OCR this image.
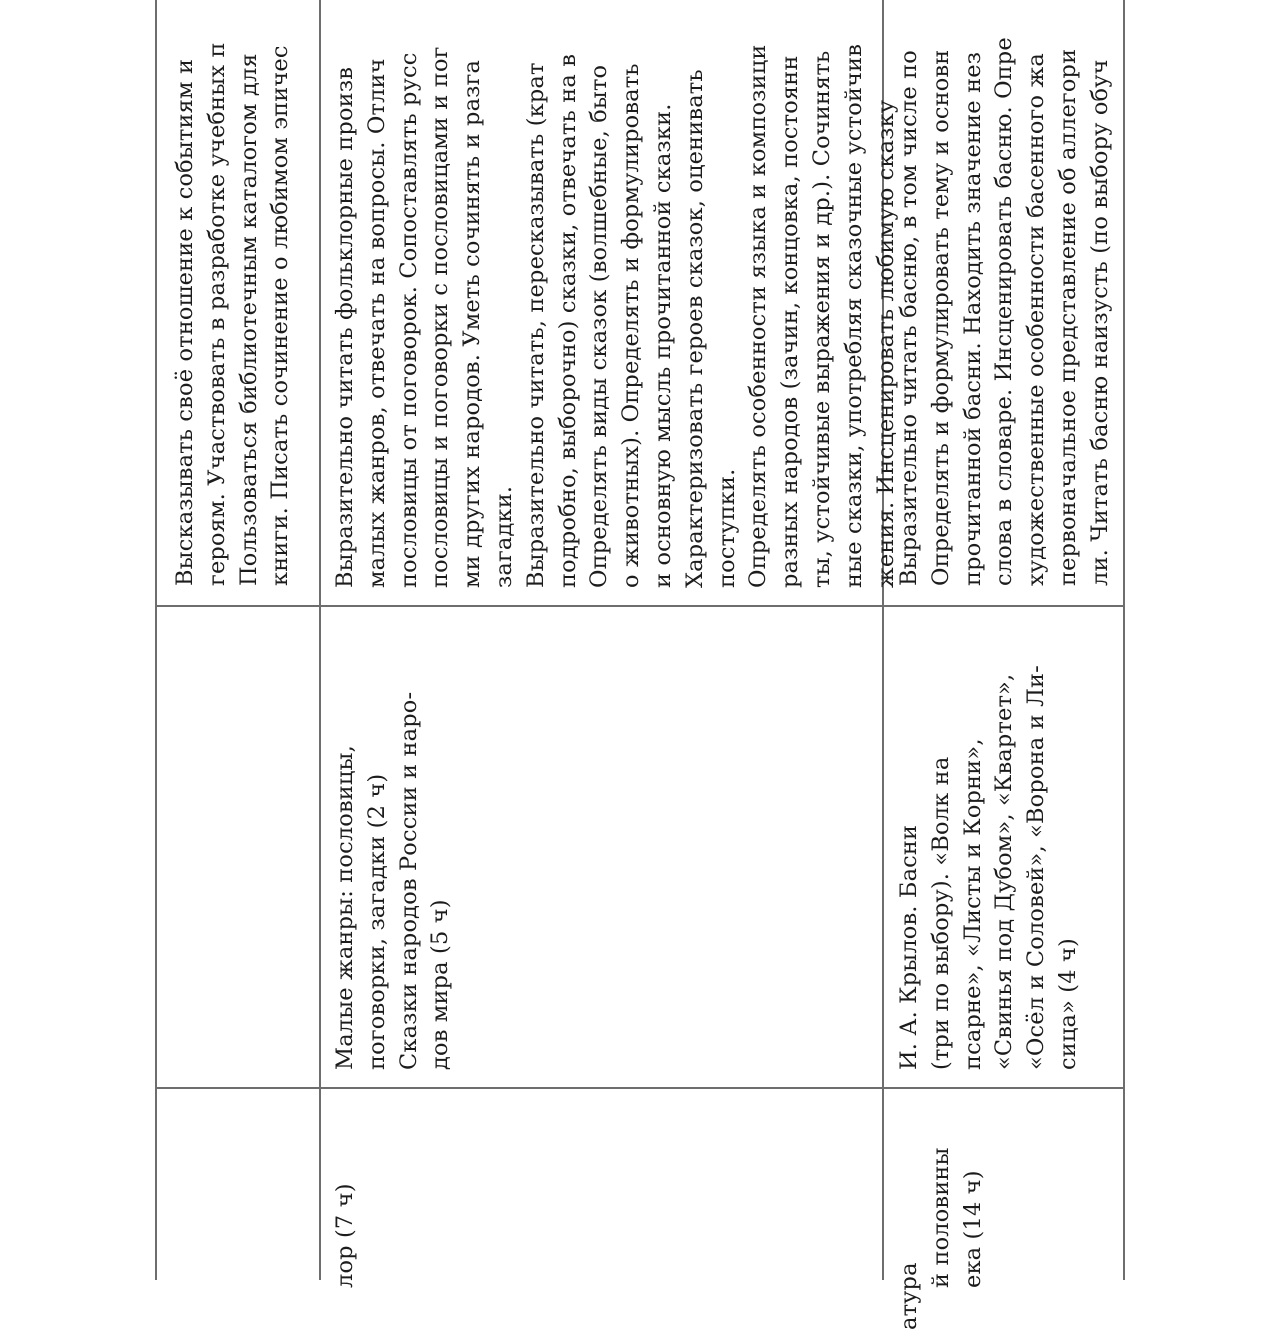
Высказывать своё отношение к событиям и героям. Участвовать в разработке учебных п Пользоваться библиотечным каталогом для книги. Писать сочинение о любимом эпичес
лор (7 ч)
Малые жанры: пословицы, поговорки, загадки (2 ч) Сказки народов России и наро- дов мира (5 ч)
Выразительно читать фольклорные произв малых жанров, отвечать на вопросы. Отлич пословицы от поговорок. Сопоставлять русс пословицы и поговорки с пословицами и пог ми других народов. Уметь сочинять и разга загадки. Выразительно читать, пересказывать (крат подробно, выборочно) сказки, отвечать на в Определять виды сказок (волшебные, быто о животных). Определять и формулировать и основную мысль прочитанной сказки. Характеризовать героев сказок, оценивать поступки. Определять особенности языка и композици разных народов (зачин, концовка, постоянн ты, устойчивые выражения и др.). Сочинять ные сказки, употребляя сказочные устойчив жения. Инсценировать любимую сказку
атура
й половины ека (14 ч)
И. А. Крылов. Басни (три по выбору). «Волк на псарне», «Листы и Корни», «Свинья под Дубом», «Квартет», «Осёл и Соловей», «Ворона и Ли- сица» (4 ч)
Выразительно читать басню, в том числе по Определять и формулировать тему и основн прочитанной басни. Находить значение нез слова в словаре. Инсценировать басню. Опре художественные особенности басенного жа первоначальное представление об аллегори ли. Читать басню наизусть (по выбору обуч
